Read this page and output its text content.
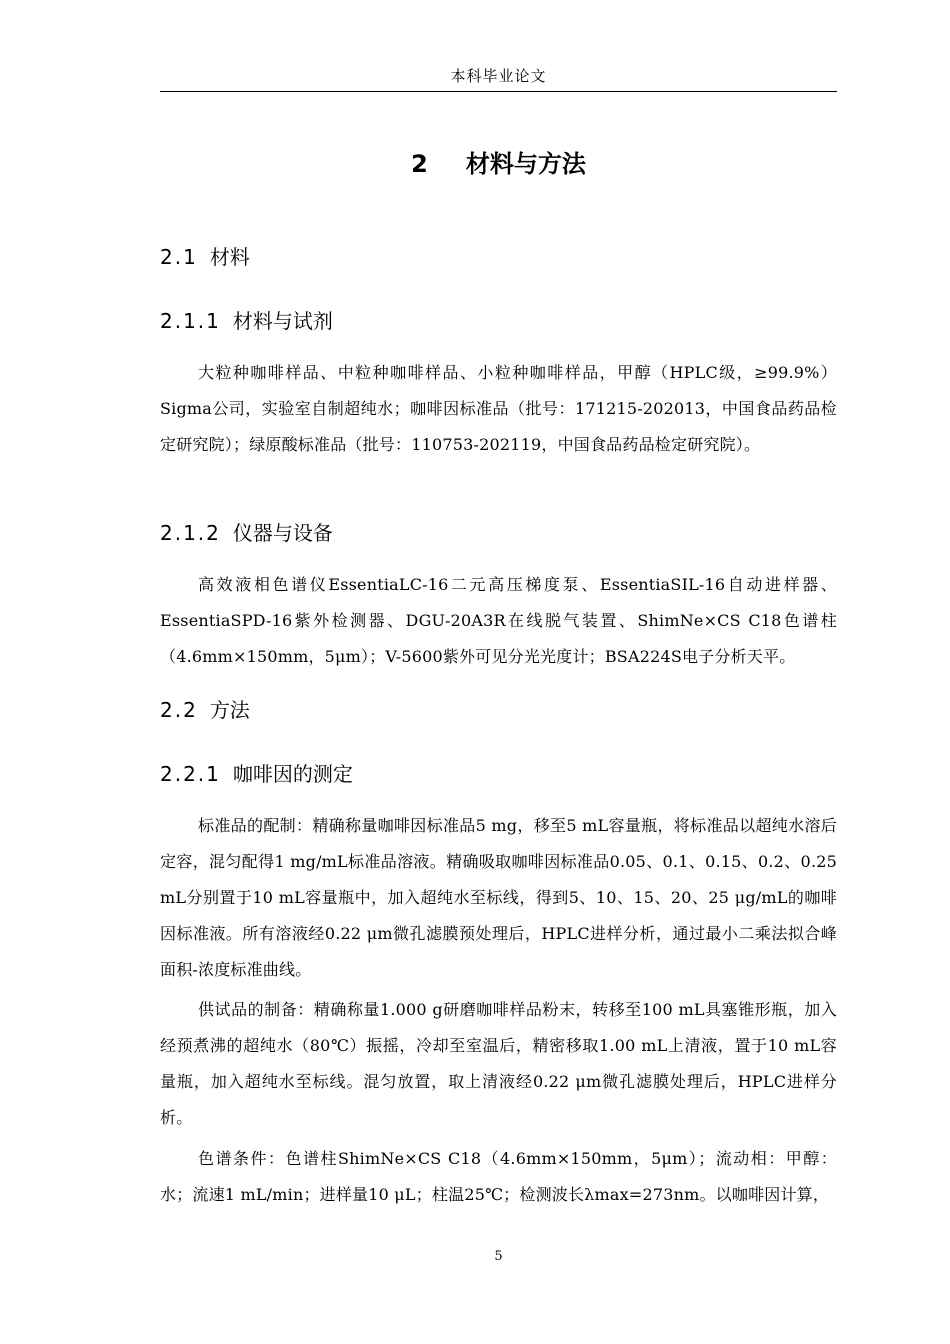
本科毕业论文
2 材料与方法
2.1 材料
2.1.1 材料与试剂

大粒种咖啡样品、中粒种咖啡样品、小粒种咖啡样品，甲醇（HPLC级，≥99.9%）Sigma公司，实验室自制超纯水；咖啡因标准品（批号：171215-202013，中国食品药品检定研究院）；绿原酸标准品（批号：110753-202119，中国食品药品检定研究院）。

2.1.2 仪器与设备

高效液相色谱仪EssentiaLC-16二元高压梯度泵、EssentiaSIL-16自动进样器、EssentiaSPD-16紫外检测器、DGU-20A3R在线脱气装置、ShimNe×CS C18色谱柱（4.6mm×150mm，5μm）；V-5600紫外可见分光光度计；BSA224S电子分析天平。

2.2 方法
2.2.1 咖啡因的测定

标准品的配制：精确称量咖啡因标准品5 mg，移至5 mL容量瓶，将标准品以超纯水溶后定容，混匀配得1 mg/mL标准品溶液。精确吸取咖啡因标准品0.05、0.1、0.15、0.2、0.25 mL分别置于10 mL容量瓶中，加入超纯水至标线，得到5、10、15、20、25 μg/mL的咖啡因标准液。所有溶液经0.22 μm微孔滤膜预处理后，HPLC进样分析，通过最小二乘法拟合峰面积-浓度标准曲线。

供试品的制备：精确称量1.000 g研磨咖啡样品粉末，转移至100 mL具塞锥形瓶，加入经预煮沸的超纯水（80℃）振摇，冷却至室温后，精密移取1.00 mL上清液，置于10 mL容量瓶，加入超纯水至标线。混匀放置，取上清液经0.22 μm微孔滤膜处理后，HPLC进样分析。

色谱条件：色谱柱ShimNe×CS C18（4.6mm×150mm，5μm）；流动相：甲醇：水；流速1 mL/min；进样量10 μL；柱温25℃；检测波长λmax=273nm。以咖啡因计算，

5
